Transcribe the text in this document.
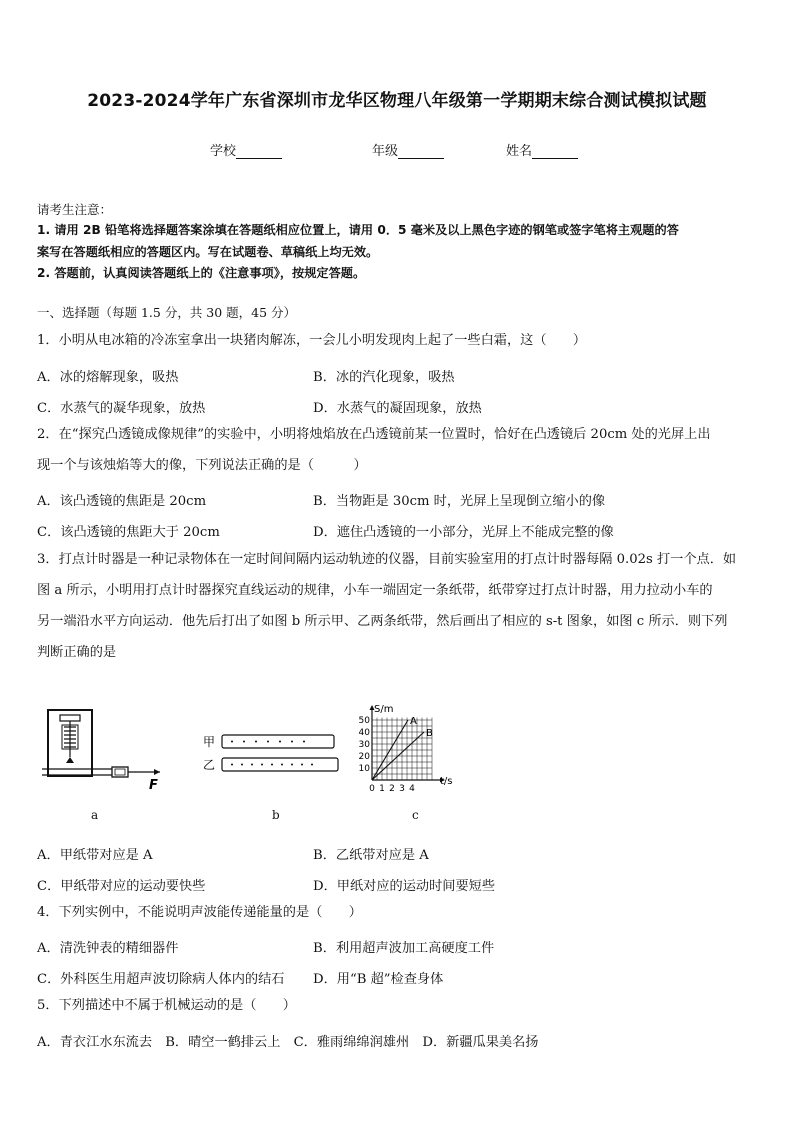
2023-2024学年广东省深圳市龙华区物理八年级第一学期期末综合测试模拟试题
学校	年级	姓名
请考生注意：
1. 请用 2B 铅笔将选择题答案涂填在答题纸相应位置上，请用 0．5 毫米及以上黑色字迹的钢笔或签字笔将主观题的答
案写在答题纸相应的答题区内。写在试题卷、草稿纸上均无效。
2. 答题前，认真阅读答题纸上的《注意事项》，按规定答题。
一、选择题（每题 1.5 分，共 30 题，45 分）
1．小明从电冰箱的冷冻室拿出一块猪肉解冻，一会儿小明发现肉上起了一些白霜，这（　　）
A．冰的熔解现象，吸热	B．冰的汽化现象，吸热
C．水蒸气的凝华现象，放热	D．水蒸气的凝固现象，放热
2．在“探究凸透镜成像规律”的实验中，小明将烛焰放在凸透镜前某一位置时，恰好在凸透镜后 20cm 处的光屏上出
现一个与该烛焰等大的像，下列说法正确的是（　　　）
A．该凸透镜的焦距是 20cm	B．当物距是 30cm 时，光屏上呈现倒立缩小的像
C．该凸透镜的焦距大于 20cm	D．遮住凸透镜的一小部分，光屏上不能成完整的像
3．打点计时器是一种记录物体在一定时间间隔内运动轨迹的仪器，目前实验室用的打点计时器每隔 0.02s 打一个点．如
图 a 所示，小明用打点计时器探究直线运动的规律，小车一端固定一条纸带，纸带穿过打点计时器，用力拉动小车的
另一端沿水平方向运动．他先后打出了如图 b 所示甲、乙两条纸带，然后画出了相应的 s-t 图象，如图 c 所示．则下列
判断正确的是
F
a
甲
乙
b
S/m
t/s
10
20
30
40
50
0 1 2 3 4
A
B
c
A．甲纸带对应是 A	B．乙纸带对应是 A
C．甲纸带对应的运动要快些	D．甲纸对应的运动时间要短些
4．下列实例中，不能说明声波能传递能量的是（　　）
A．清洗钟表的精细器件	B．利用超声波加工高硬度工件
C．外科医生用超声波切除病人体内的结石 D．用“B 超”检查身体
5．下列描述中不属于机械运动的是（　　）
A．青衣江水东流去　B．晴空一鹤排云上　C．雅雨绵绵润雄州　D．新疆瓜果美名扬
